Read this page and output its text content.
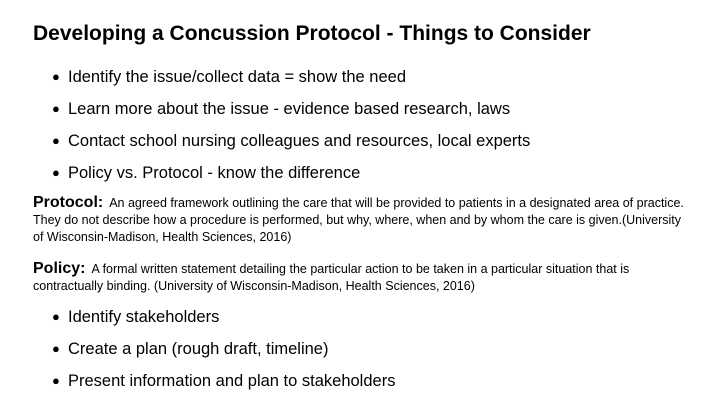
Developing a Concussion Protocol - Things to Consider
● Identify the issue/collect data = show the need
● Learn more about the issue - evidence based research, laws
● Contact school nursing colleagues and resources, local experts
● Policy vs. Protocol - know the difference
Protocol: An agreed framework outlining the care that will be provided to patients in a designated area of practice. They do not describe how a procedure is performed, but why, where, when and by whom the care is given.(University of Wisconsin-Madison, Health Sciences, 2016)
Policy: A formal written statement detailing the particular action to be taken in a particular situation that is contractually binding. (University of Wisconsin-Madison, Health Sciences, 2016)
● Identify stakeholders
● Create a plan (rough draft, timeline)
● Present information and plan to stakeholders
